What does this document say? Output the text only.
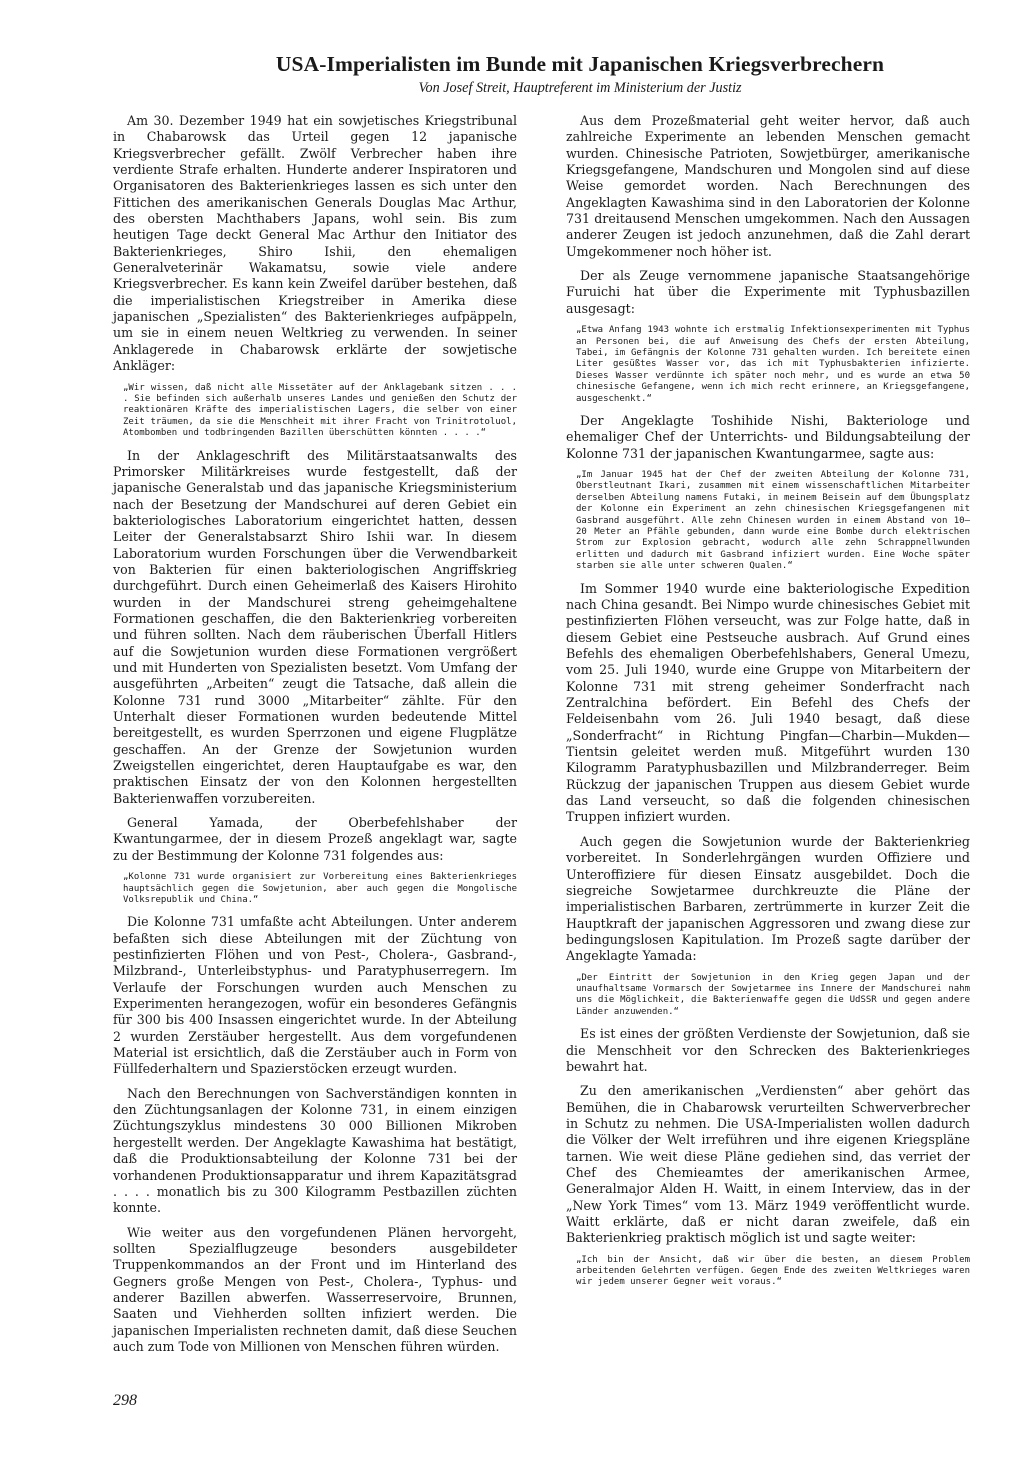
USA-Imperialisten im Bunde mit Japanischen Kriegsverbrechern

Von Josef Streit, Hauptreferent im Ministerium der Justiz

Am 30. Dezember 1949 hat ein sowjetisches Kriegstribunal in Chabarowsk das Urteil gegen 12 japanische Kriegsverbrecher gefällt. Zwölf Verbrecher haben ihre verdiente Strafe erhalten. Hunderte anderer Inspiratoren und Organisatoren des Bakterienkrieges lassen es sich unter den Fittichen des amerikanischen Generals Douglas Mac Arthur, des obersten Machthabers Japans, wohl sein. Bis zum heutigen Tage deckt General Mac Arthur den Initiator des Bakterienkrieges, Shiro Ishii, den ehemaligen Generalveterinär Wakamatsu, sowie viele andere Kriegsverbrecher. Es kann kein Zweifel darüber bestehen, daß die imperialistischen Kriegstreiber in Amerika diese japanischen „Spezialisten“ des Bakterienkrieges aufpäppeln, um sie in einem neuen Weltkrieg zu verwenden. In seiner Anklagerede in Chabarowsk erklärte der sowjetische Ankläger:

„Wir wissen, daß nicht alle Missetäter auf der Anklagebank sitzen . . . . Sie befinden sich außerhalb unseres Landes und genießen den Schutz der reaktionären Kräfte des imperialistischen Lagers, die selber von einer Zeit träumen, da sie die Menschheit mit ihrer Fracht von Trinitrotoluol, Atombomben und todbringenden Bazillen überschütten könnten . . . .“

In der Anklageschrift des Militärstaatsanwalts des Primorsker Militärkreises wurde festgestellt, daß der japanische Generalstab und das japanische Kriegsministerium nach der Besetzung der Mandschurei auf deren Gebiet ein bakteriologisches Laboratorium eingerichtet hatten, dessen Leiter der Generalstabsarzt Shiro Ishii war. In diesem Laboratorium wurden Forschungen über die Verwendbarkeit von Bakterien für einen bakteriologischen Angriffskrieg durchgeführt. Durch einen Geheimerlaß des Kaisers Hirohito wurden in der Mandschurei streng geheimgehaltene Formationen geschaffen, die den Bakterienkrieg vorbereiten und führen sollten. Nach dem räuberischen Überfall Hitlers auf die Sowjetunion wurden diese Formationen vergrößert und mit Hunderten von Spezialisten besetzt. Vom Umfang der ausgeführten „Arbeiten“ zeugt die Tatsache, daß allein die Kolonne 731 rund 3000 „Mitarbeiter“ zählte. Für den Unterhalt dieser Formationen wurden bedeutende Mittel bereitgestellt, es wurden Sperrzonen und eigene Flugplätze geschaffen. An der Grenze der Sowjetunion wurden Zweigstellen eingerichtet, deren Hauptaufgabe es war, den praktischen Einsatz der von den Kolonnen hergestellten Bakterienwaffen vorzubereiten.

General Yamada, der Oberbefehlshaber der Kwantungarmee, der in diesem Prozeß angeklagt war, sagte zu der Bestimmung der Kolonne 731 folgendes aus:

„Kolonne 731 wurde organisiert zur Vorbereitung eines Bakterienkrieges hauptsächlich gegen die Sowjetunion, aber auch gegen die Mongolische Volksrepublik und China.“

Die Kolonne 731 umfaßte acht Abteilungen. Unter anderem befaßten sich diese Abteilungen mit der Züchtung von pestinfizierten Flöhen und von Pest-, Cholera-, Gasbrand-, Milzbrand-, Unterleibstyphus- und Paratyphuserregern. Im Verlaufe der Forschungen wurden auch Menschen zu Experimenten herangezogen, wofür ein besonderes Gefängnis für 300 bis 400 Insassen eingerichtet wurde. In der Abteilung 2 wurden Zerstäuber hergestellt. Aus dem vorgefundenen Material ist ersichtlich, daß die Zerstäuber auch in Form von Füllfederhaltern und Spazierstöcken erzeugt wurden.

Nach den Berechnungen von Sachverständigen konnten in den Züchtungsanlagen der Kolonne 731, in einem einzigen Züchtungszyklus mindestens 30 000 Billionen Mikroben hergestellt werden. Der Angeklagte Kawashima hat bestätigt, daß die Produktionsabteilung der Kolonne 731 bei der vorhandenen Produktionsapparatur und ihrem Kapazitätsgrad . . . . monatlich bis zu 300 Kilogramm Pestbazillen züchten konnte.

Wie weiter aus den vorgefundenen Plänen hervorgeht, sollten Spezialflugzeuge besonders ausgebildeter Truppenkommandos an der Front und im Hinterland des Gegners große Mengen von Pest-, Cholera-, Typhus- und anderer Bazillen abwerfen. Wasserreservoire, Brunnen, Saaten und Viehherden sollten infiziert werden. Die japanischen Imperialisten rechneten damit, daß diese Seuchen auch zum Tode von Millionen von Menschen führen würden.

Aus dem Prozeßmaterial geht weiter hervor, daß auch zahlreiche Experimente an lebenden Menschen gemacht wurden. Chinesische Patrioten, Sowjetbürger, amerikanische Kriegsgefangene, Mandschuren und Mongolen sind auf diese Weise gemordet worden. Nach Berechnungen des Angeklagten Kawashima sind in den Laboratorien der Kolonne 731 dreitausend Menschen umgekommen. Nach den Aussagen anderer Zeugen ist jedoch anzunehmen, daß die Zahl derart Umgekommener noch höher ist.

Der als Zeuge vernommene japanische Staatsangehörige Furuichi hat über die Experimente mit Typhusbazillen ausgesagt:

„Etwa Anfang 1943 wohnte ich erstmalig Infektionsexperimenten mit Typhus an Personen bei, die auf Anweisung des Chefs der ersten Abteilung, Tabei, im Gefängnis der Kolonne 731 gehalten wurden. Ich bereitete einen Liter gesüßtes Wasser vor, das ich mit Typhusbakterien infizierte. Dieses Wasser verdünnte ich später noch mehr, und es wurde an etwa 50 chinesische Gefangene, wenn ich mich recht erinnere, an Kriegsgefangene, ausgeschenkt.“

Der Angeklagte Toshihide Nishi, Bakteriologe und ehemaliger Chef der Unterrichts- und Bildungsabteilung der Kolonne 731 der japanischen Kwantungarmee, sagte aus:

„Im Januar 1945 hat der Chef der zweiten Abteilung der Kolonne 731, Oberstleutnant Ikari, zusammen mit einem wissenschaftlichen Mitarbeiter derselben Abteilung namens Futaki, in meinem Beisein auf dem Übungsplatz der Kolonne ein Experiment an zehn chinesischen Kriegsgefangenen mit Gasbrand ausgeführt. Alle zehn Chinesen wurden in einem Abstand von 10—20 Meter an Pfähle gebunden, dann wurde eine Bombe durch elektrischen Strom zur Explosion gebracht, wodurch alle zehn Schrappnellwunden erlitten und dadurch mit Gasbrand infiziert wurden. Eine Woche später starben sie alle unter schweren Qualen.“

Im Sommer 1940 wurde eine bakteriologische Expedition nach China gesandt. Bei Nimpo wurde chinesisches Gebiet mit pestinfizierten Flöhen verseucht, was zur Folge hatte, daß in diesem Gebiet eine Pestseuche ausbrach. Auf Grund eines Befehls des ehemaligen Oberbefehlshabers, General Umezu, vom 25. Juli 1940, wurde eine Gruppe von Mitarbeitern der Kolonne 731 mit streng geheimer Sonderfracht nach Zentralchina befördert. Ein Befehl des Chefs der Feldeisenbahn vom 26. Juli 1940 besagt, daß diese „Sonderfracht“ in Richtung Pingfan—Charbin—Mukden—Tientsin geleitet werden muß. Mitgeführt wurden 130 Kilogramm Paratyphusbazillen und Milzbranderreger. Beim Rückzug der japanischen Truppen aus diesem Gebiet wurde das Land verseucht, so daß die folgenden chinesischen Truppen infiziert wurden.

Auch gegen die Sowjetunion wurde der Bakterienkrieg vorbereitet. In Sonderlehrgängen wurden Offiziere und Unteroffiziere für diesen Einsatz ausgebildet. Doch die siegreiche Sowjetarmee durchkreuzte die Pläne der imperialistischen Barbaren, zertrümmerte in kurzer Zeit die Hauptkraft der japanischen Aggressoren und zwang diese zur bedingungslosen Kapitulation. Im Prozeß sagte darüber der Angeklagte Yamada:

„Der Eintritt der Sowjetunion in den Krieg gegen Japan und der unaufhaltsame Vormarsch der Sowjetarmee ins Innere der Mandschurei nahm uns die Möglichkeit, die Bakterienwaffe gegen die UdSSR und gegen andere Länder anzuwenden.“

Es ist eines der größten Verdienste der Sowjetunion, daß sie die Menschheit vor den Schrecken des Bakterienkrieges bewahrt hat.

Zu den amerikanischen „Verdiensten“ aber gehört das Bemühen, die in Chabarowsk verurteilten Schwerverbrecher in Schutz zu nehmen. Die USA-Imperialisten wollen dadurch die Völker der Welt irreführen und ihre eigenen Kriegspläne tarnen. Wie weit diese Pläne gediehen sind, das verriet der Chef des Chemieamtes der amerikanischen Armee, Generalmajor Alden H. Waitt, in einem Interview, das in der „New York Times“ vom 13. März 1949 veröffentlicht wurde. Waitt erklärte, daß er nicht daran zweifele, daß ein Bakterienkrieg praktisch möglich ist und sagte weiter:

„Ich bin der Ansicht, daß wir über die besten, an diesem Problem arbeitenden Gelehrten verfügen. Gegen Ende des zweiten Weltkrieges waren wir jedem unserer Gegner weit voraus.“

298
